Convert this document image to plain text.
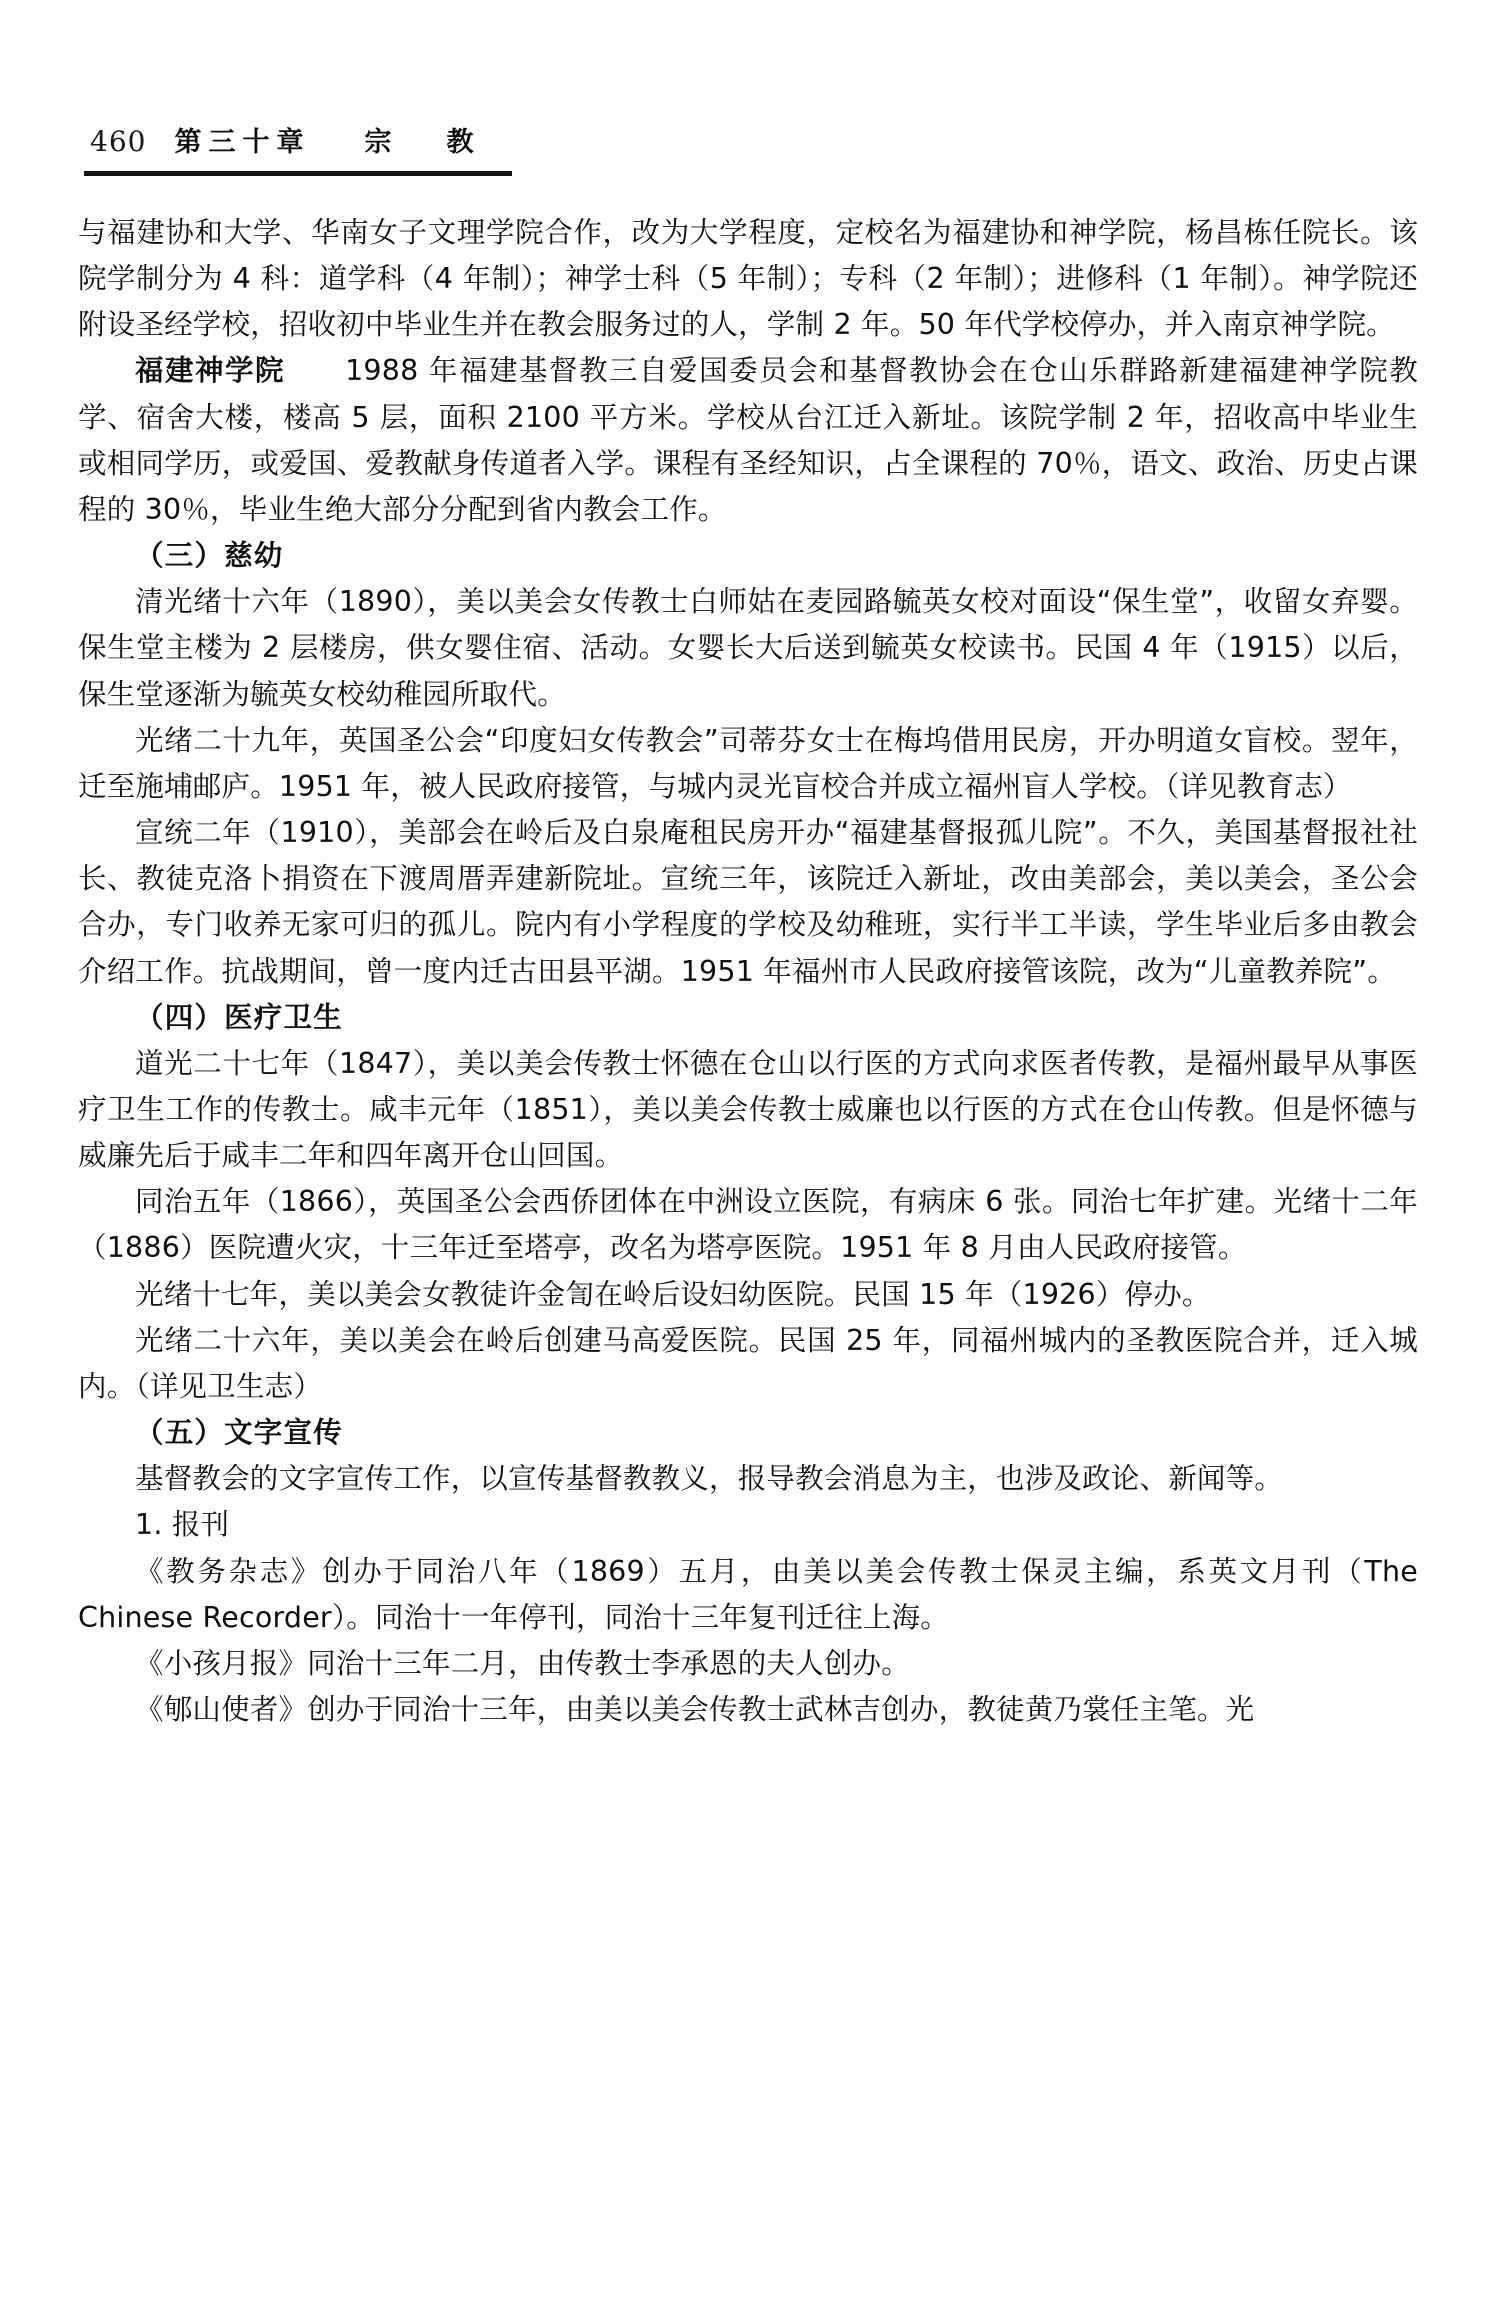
460 第三十章 宗　教

与福建协和大学、华南女子文理学院合作，改为大学程度，定校名为福建协和神学院，杨昌栋任院长。该院学制分为 4 科：道学科（4 年制）；神学士科（5 年制）；专科（2 年制）；进修科（1 年制）。神学院还附设圣经学校，招收初中毕业生并在教会服务过的人，学制 2 年。50 年代学校停办，并入南京神学院。

福建神学院　　 1988 年福建基督教三自爱国委员会和基督教协会在仓山乐群路新建福建神学院教学、宿舍大楼，楼高 5 层，面积 2100 平方米。学校从台江迁入新址。该院学制 2 年，招收高中毕业生或相同学历，或爱国、爱教献身传道者入学。课程有圣经知识，占全课程的 70％，语文、政治、历史占课程的 30％，毕业生绝大部分分配到省内教会工作。

（三）慈幼

清光绪十六年（1890），美以美会女传教士白师姑在麦园路毓英女校对面设“保生堂”，收留女弃婴。保生堂主楼为 2 层楼房，供女婴住宿、活动。女婴长大后送到毓英女校读书。民国 4 年（1915）以后，保生堂逐渐为毓英女校幼稚园所取代。

光绪二十九年，英国圣公会“印度妇女传教会”司蒂芬女士在梅坞借用民房，开办明道女盲校。翌年，迁至施埔邮庐。1951 年，被人民政府接管，与城内灵光盲校合并成立福州盲人学校。（详见教育志）

宣统二年（1910），美部会在岭后及白泉庵租民房开办“福建基督报孤儿院”。不久，美国基督报社社长、教徒克洛卜捐资在下渡周厝弄建新院址。宣统三年，该院迁入新址，改由美部会，美以美会，圣公会合办，专门收养无家可归的孤儿。院内有小学程度的学校及幼稚班，实行半工半读，学生毕业后多由教会介绍工作。抗战期间，曾一度内迁古田县平湖。1951 年福州市人民政府接管该院，改为“儿童教养院”。

（四）医疗卫生

道光二十七年（1847），美以美会传教士怀德在仓山以行医的方式向求医者传教，是福州最早从事医疗卫生工作的传教士。咸丰元年（1851），美以美会传教士威廉也以行医的方式在仓山传教。但是怀德与威廉先后于咸丰二年和四年离开仓山回国。

同治五年（1866），英国圣公会西侨团体在中洲设立医院，有病床 6 张。同治七年扩建。光绪十二年（1886）医院遭火灾，十三年迁至塔亭，改名为塔亭医院。1951 年 8 月由人民政府接管。

光绪十七年，美以美会女教徒许金訇在岭后设妇幼医院。民国 15 年（1926）停办。

光绪二十六年，美以美会在岭后创建马高爱医院。民国 25 年，同福州城内的圣教医院合并，迁入城内。（详见卫生志）

（五）文字宣传

基督教会的文字宣传工作，以宣传基督教教义，报导教会消息为主，也涉及政论、新闻等。

1. 报刊

《教务杂志》创办于同治八年（1869）五月，由美以美会传教士保灵主编，系英文月刊（The Chinese Recorder）。同治十一年停刊，同治十三年复刊迁往上海。

《小孩月报》同治十三年二月，由传教士李承恩的夫人创办。

《郇山使者》创办于同治十三年，由美以美会传教士武林吉创办，教徒黄乃裳任主笔。光
